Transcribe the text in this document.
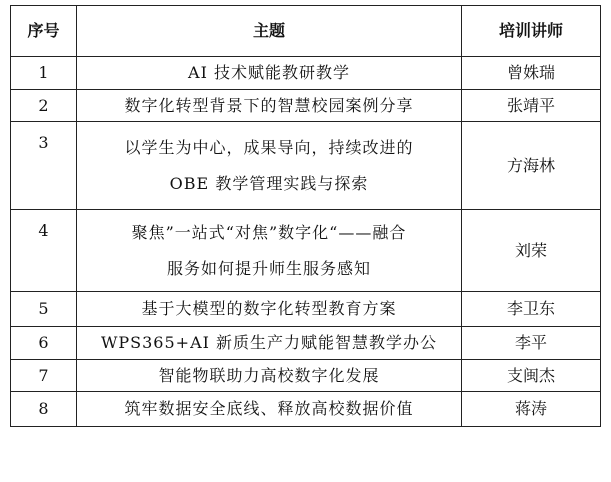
序号	主题	培训讲师
1	AI 技术赋能教研教学	曾姝瑞
2	数字化转型背景下的智慧校园案例分享	张靖平
3	以学生为中心，成果导向，持续改进的
OBE 教学管理实践与探索	方海林
4	聚焦”一站式“对焦”数字化“——融合
服务如何提升师生服务感知	刘荣
5	基于大模型的数字化转型教育方案	李卫东
6	WPS365+AI 新质生产力赋能智慧教学办公	李平
7	智能物联助力高校数字化发展	支闽杰
8	筑牢数据安全底线、释放高校数据价值	蒋涛
